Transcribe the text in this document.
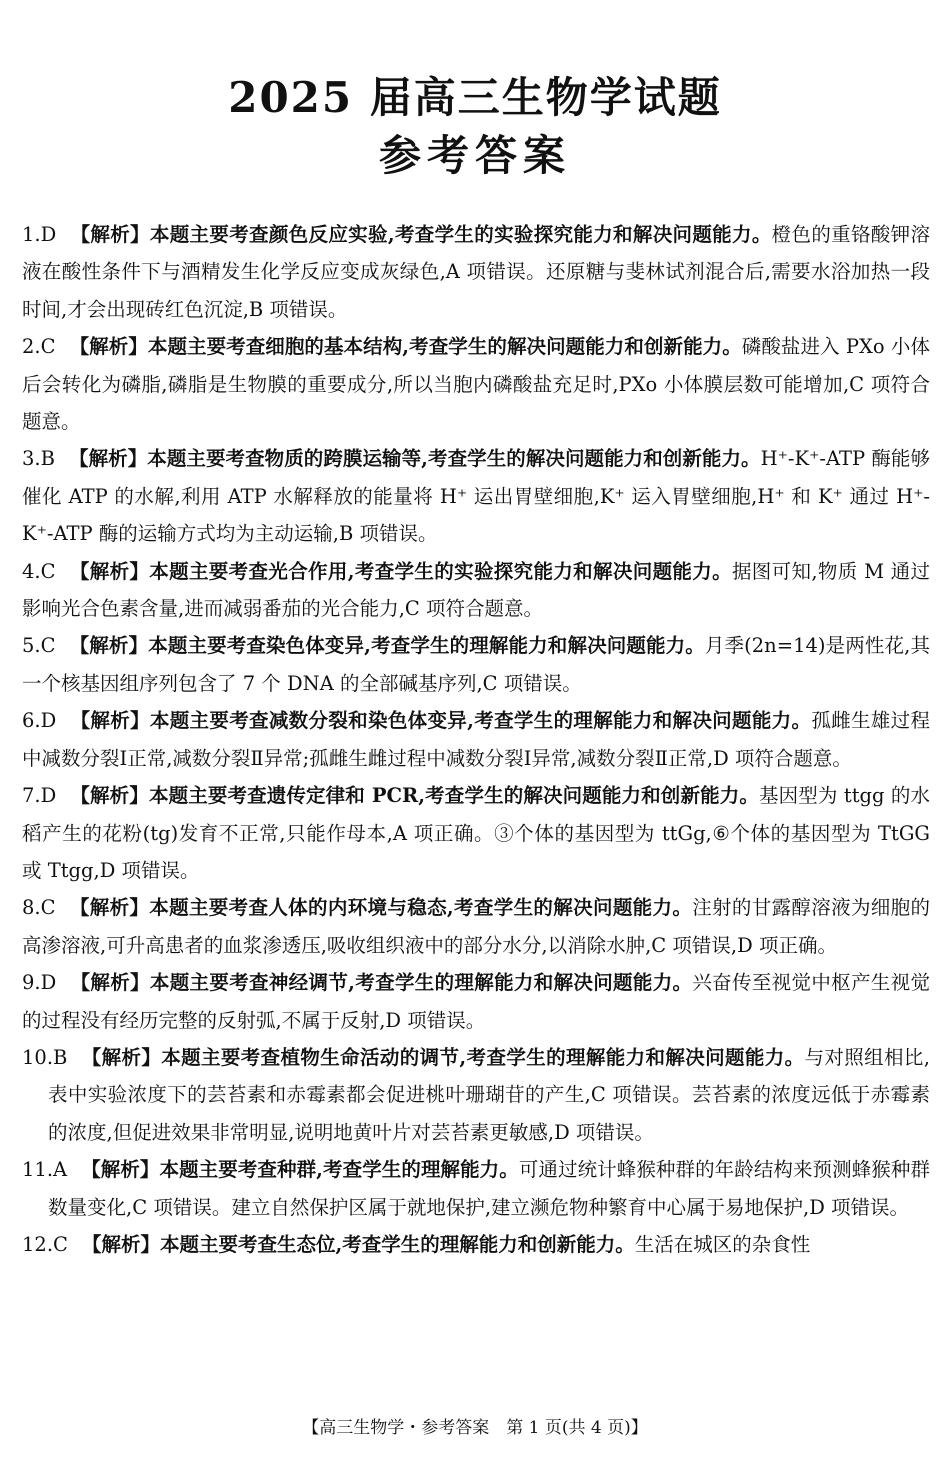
2025 届高三生物学试题
参考答案
1.D 【解析】本题主要考查颜色反应实验,考查学生的实验探究能力和解决问题能力。橙色的重铬酸钾溶液在酸性条件下与酒精发生化学反应变成灰绿色,A 项错误。还原糖与斐林试剂混合后,需要水浴加热一段时间,才会出现砖红色沉淀,B 项错误。
2.C 【解析】本题主要考查细胞的基本结构,考查学生的解决问题能力和创新能力。磷酸盐进入 PXo 小体后会转化为磷脂,磷脂是生物膜的重要成分,所以当胞内磷酸盐充足时,PXo 小体膜层数可能增加,C 项符合题意。
3.B 【解析】本题主要考查物质的跨膜运输等,考查学生的解决问题能力和创新能力。H⁺-K⁺-ATP 酶能够催化 ATP 的水解,利用 ATP 水解释放的能量将 H⁺ 运出胃壁细胞,K⁺ 运入胃壁细胞,H⁺ 和 K⁺ 通过 H⁺-K⁺-ATP 酶的运输方式均为主动运输,B 项错误。
4.C 【解析】本题主要考查光合作用,考查学生的实验探究能力和解决问题能力。据图可知,物质 M 通过影响光合色素含量,进而减弱番茄的光合能力,C 项符合题意。
5.C 【解析】本题主要考查染色体变异,考查学生的理解能力和解决问题能力。月季(2n=14)是两性花,其一个核基因组序列包含了 7 个 DNA 的全部碱基序列,C 项错误。
6.D 【解析】本题主要考查减数分裂和染色体变异,考查学生的理解能力和解决问题能力。孤雌生雄过程中减数分裂Ⅰ正常,减数分裂Ⅱ异常;孤雌生雌过程中减数分裂Ⅰ异常,减数分裂Ⅱ正常,D 项符合题意。
7.D 【解析】本题主要考查遗传定律和 PCR,考查学生的解决问题能力和创新能力。基因型为 ttgg 的水稻产生的花粉(tg)发育不正常,只能作母本,A 项正确。③个体的基因型为 ttGg,⑥个体的基因型为 TtGG 或 Ttgg,D 项错误。
8.C 【解析】本题主要考查人体的内环境与稳态,考查学生的解决问题能力。注射的甘露醇溶液为细胞的高渗溶液,可升高患者的血浆渗透压,吸收组织液中的部分水分,以消除水肿,C 项错误,D 项正确。
9.D 【解析】本题主要考查神经调节,考查学生的理解能力和解决问题能力。兴奋传至视觉中枢产生视觉的过程没有经历完整的反射弧,不属于反射,D 项错误。
10.B 【解析】本题主要考查植物生命活动的调节,考查学生的理解能力和解决问题能力。与对照组相比,表中实验浓度下的芸苔素和赤霉素都会促进桃叶珊瑚苷的产生,C 项错误。芸苔素的浓度远低于赤霉素的浓度,但促进效果非常明显,说明地黄叶片对芸苔素更敏感,D 项错误。
11.A 【解析】本题主要考查种群,考查学生的理解能力。可通过统计蜂猴种群的年龄结构来预测蜂猴种群数量变化,C 项错误。建立自然保护区属于就地保护,建立濒危物种繁育中心属于易地保护,D 项错误。
12.C 【解析】本题主要考查生态位,考查学生的理解能力和创新能力。生活在城区的杂食性
【高三生物学・参考答案　第 1 页(共 4 页)】
